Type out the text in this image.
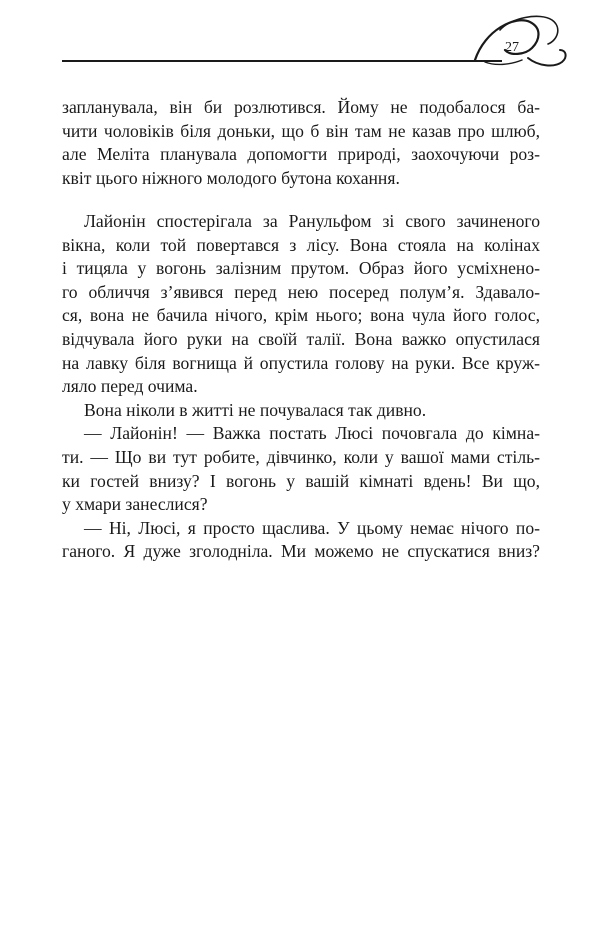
27
запланувала, він би розлютився. Йому не подобалося ба-
чити чоловіків біля доньки, що б він там не казав про шлюб,
але Меліта планувала допомогти природі, заохочуючи роз-
квіт цього ніжного молодого бутона кохання.
Лайонін спостерігала за Ранульфом зі свого зачиненого
вікна, коли той повертався з лісу. Вона стояла на колінах
і тицяла у вогонь залізним прутом. Образ його усміхнено-
го обличчя з’явився перед нею посеред полум’я. Здавало-
ся, вона не бачила нічого, крім нього; вона чула його голос,
відчувала його руки на своїй талії. Вона важко опустилася
на лавку біля вогнища й опустила голову на руки. Все круж-
ляло перед очима.
Вона ніколи в житті не почувалася так дивно.
— Лайонін! — Важка постать Люсі почовгала до кімна-
ти. — Що ви тут робите, дівчинко, коли у вашої мами стіль-
ки гостей внизу? І вогонь у вашій кімнаті вдень! Ви що,
у хмари занеслися?
— Ні, Люсі, я просто щаслива. У цьому немає нічого по-
ганого. Я дуже зголодніла. Ми можемо не спускатися вниз?
